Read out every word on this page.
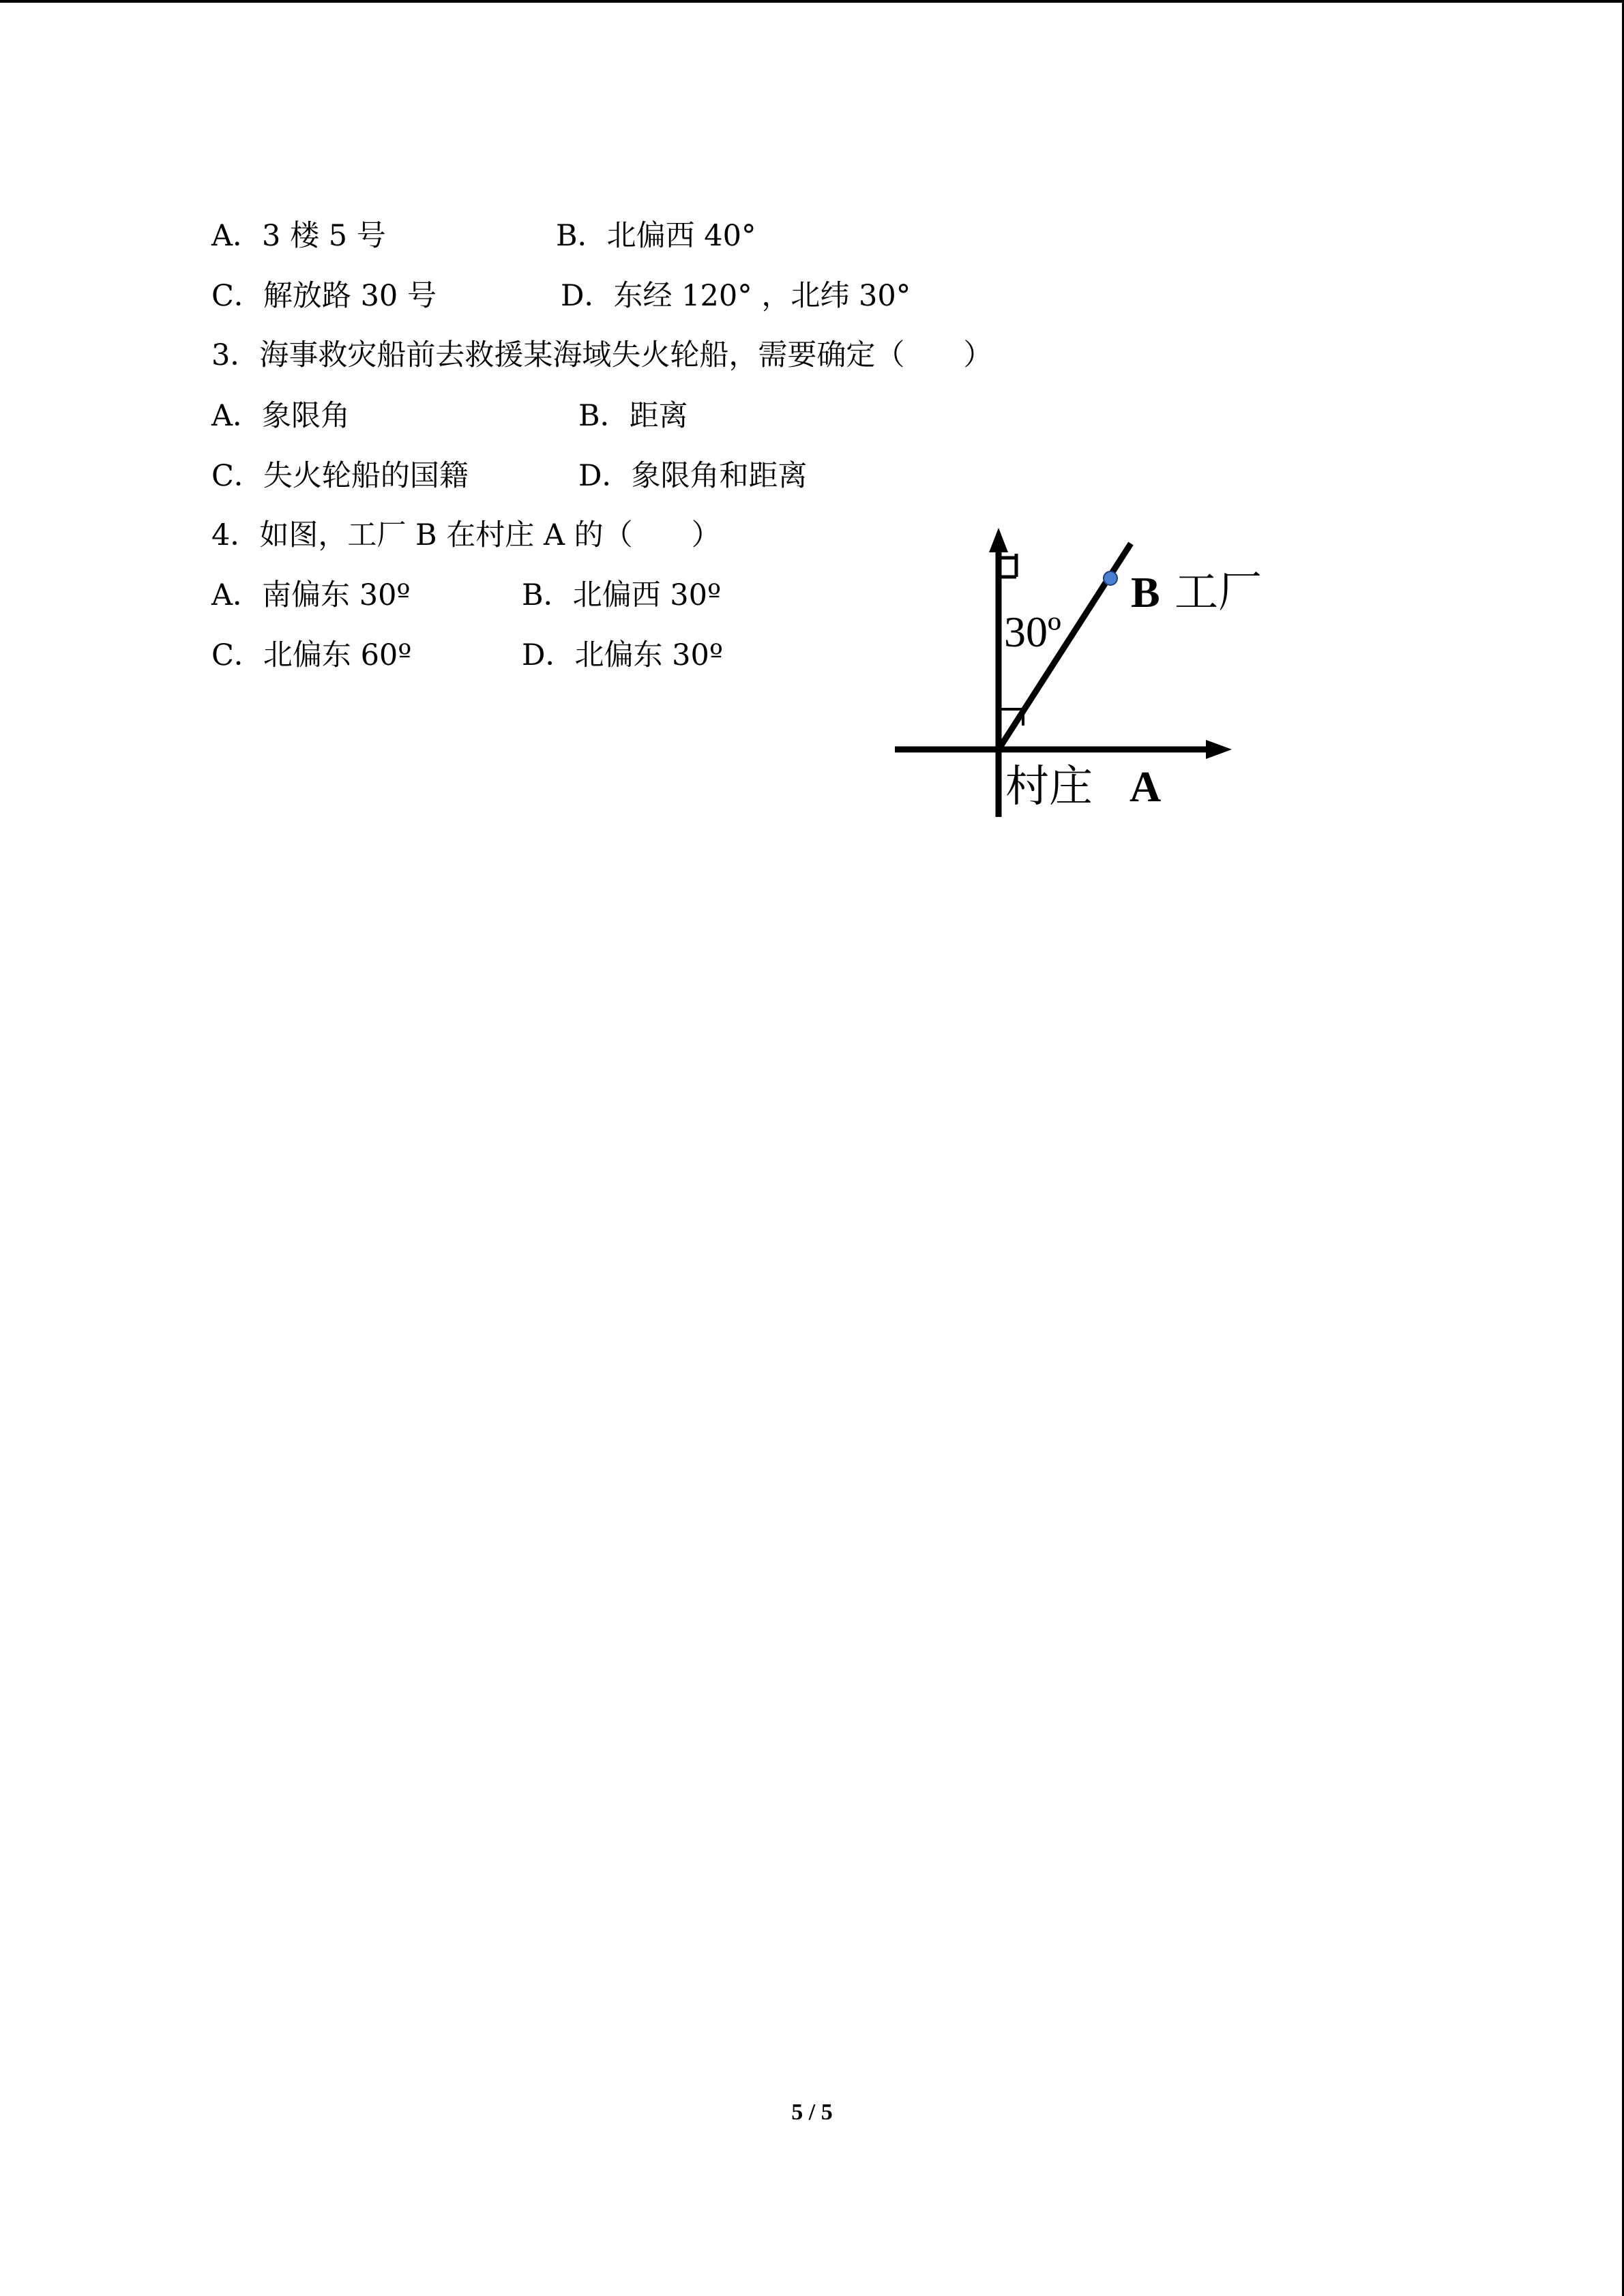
A．3 楼 5 号	B．北偏西 40°
C．解放路 30 号	D．东经 120° ，北纬 30°
3．海事救灾船前去救援某海域失火轮船，需要确定（　　）
A．象限角	B．距离
C．失火轮船的国籍	D．象限角和距离
4．如图，工厂 B 在村庄 A 的（　　）
A．南偏东 30º	B．北偏西 30º
C．北偏东 60º	D．北偏东 30º	30º
B 工厂
村庄 A
5 / 5
